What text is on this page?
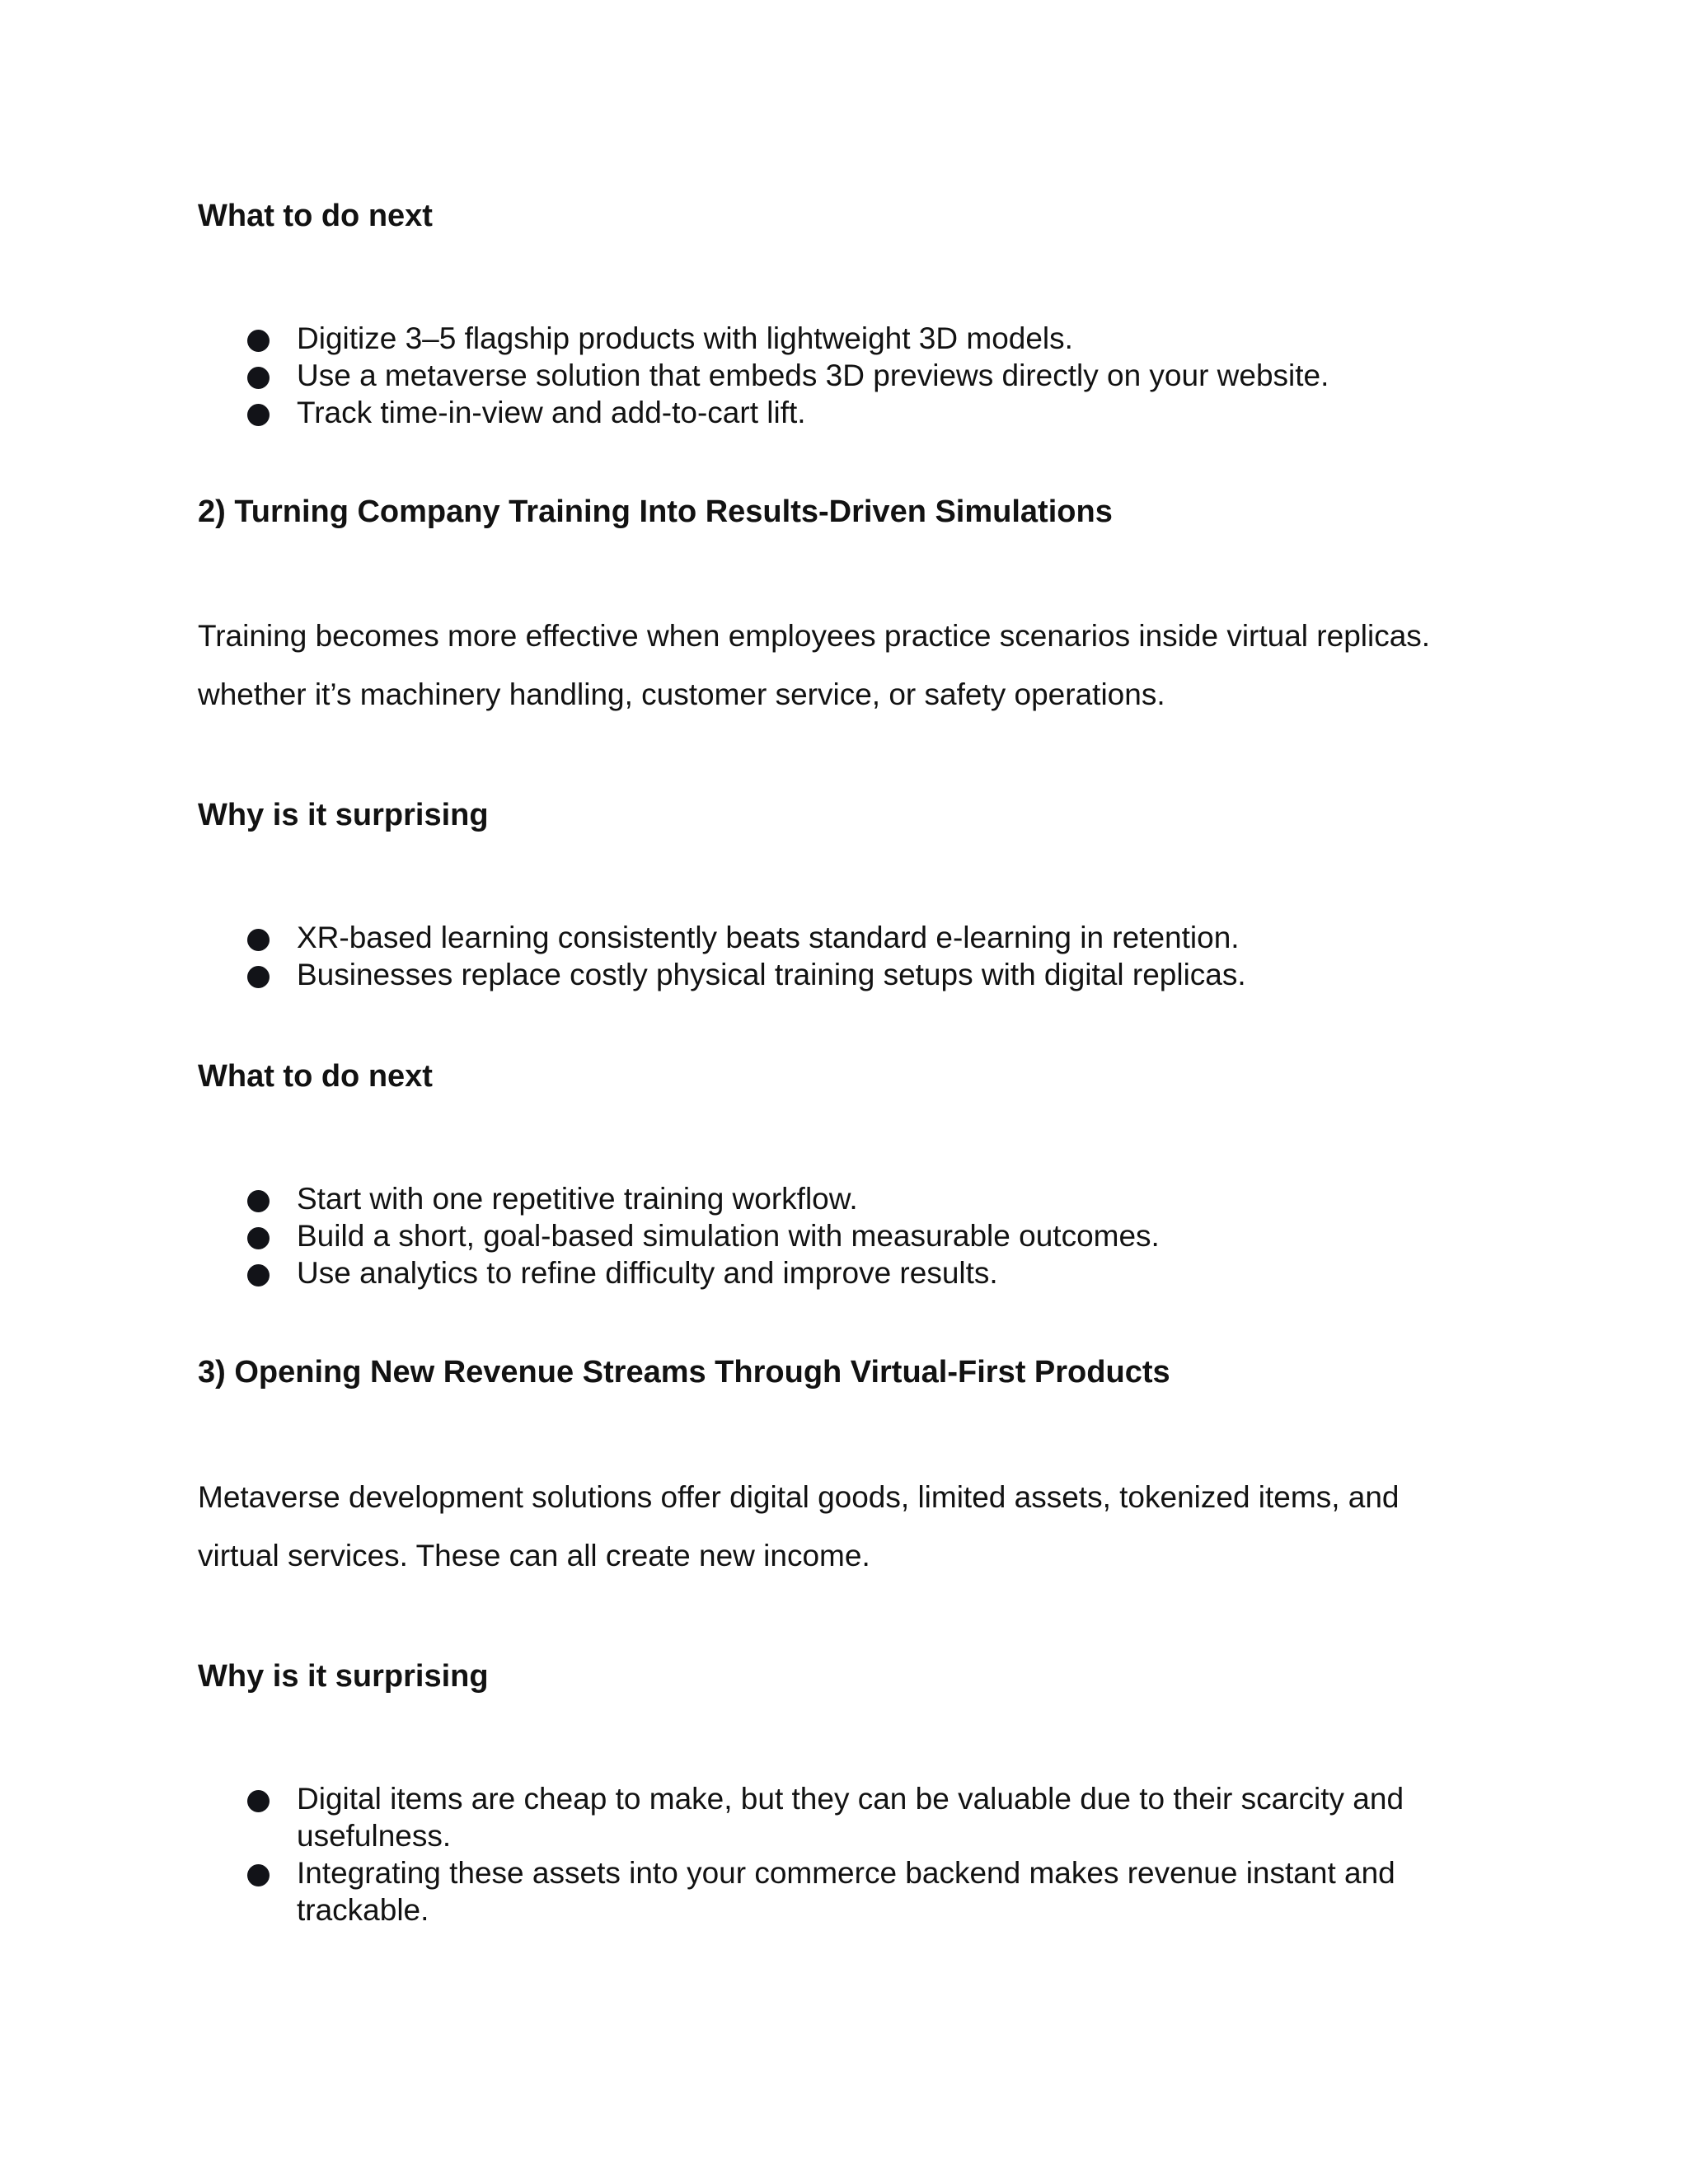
What to do next
Digitize 3–5 flagship products with lightweight 3D models.
Use a metaverse solution that embeds 3D previews directly on your website.
Track time-in-view and add-to-cart lift.
2) Turning Company Training Into Results-Driven Simulations
Training becomes more effective when employees practice scenarios inside virtual replicas.
whether it’s machinery handling, customer service, or safety operations.
Why is it surprising
XR-based learning consistently beats standard e-learning in retention.
Businesses replace costly physical training setups with digital replicas.
What to do next
Start with one repetitive training workflow.
Build a short, goal-based simulation with measurable outcomes.
Use analytics to refine difficulty and improve results.
3) Opening New Revenue Streams Through Virtual-First Products
Metaverse development solutions offer digital goods, limited assets, tokenized items, and
virtual services. These can all create new income.
Why is it surprising
Digital items are cheap to make, but they can be valuable due to their scarcity and
usefulness.
Integrating these assets into your commerce backend makes revenue instant and
trackable.
